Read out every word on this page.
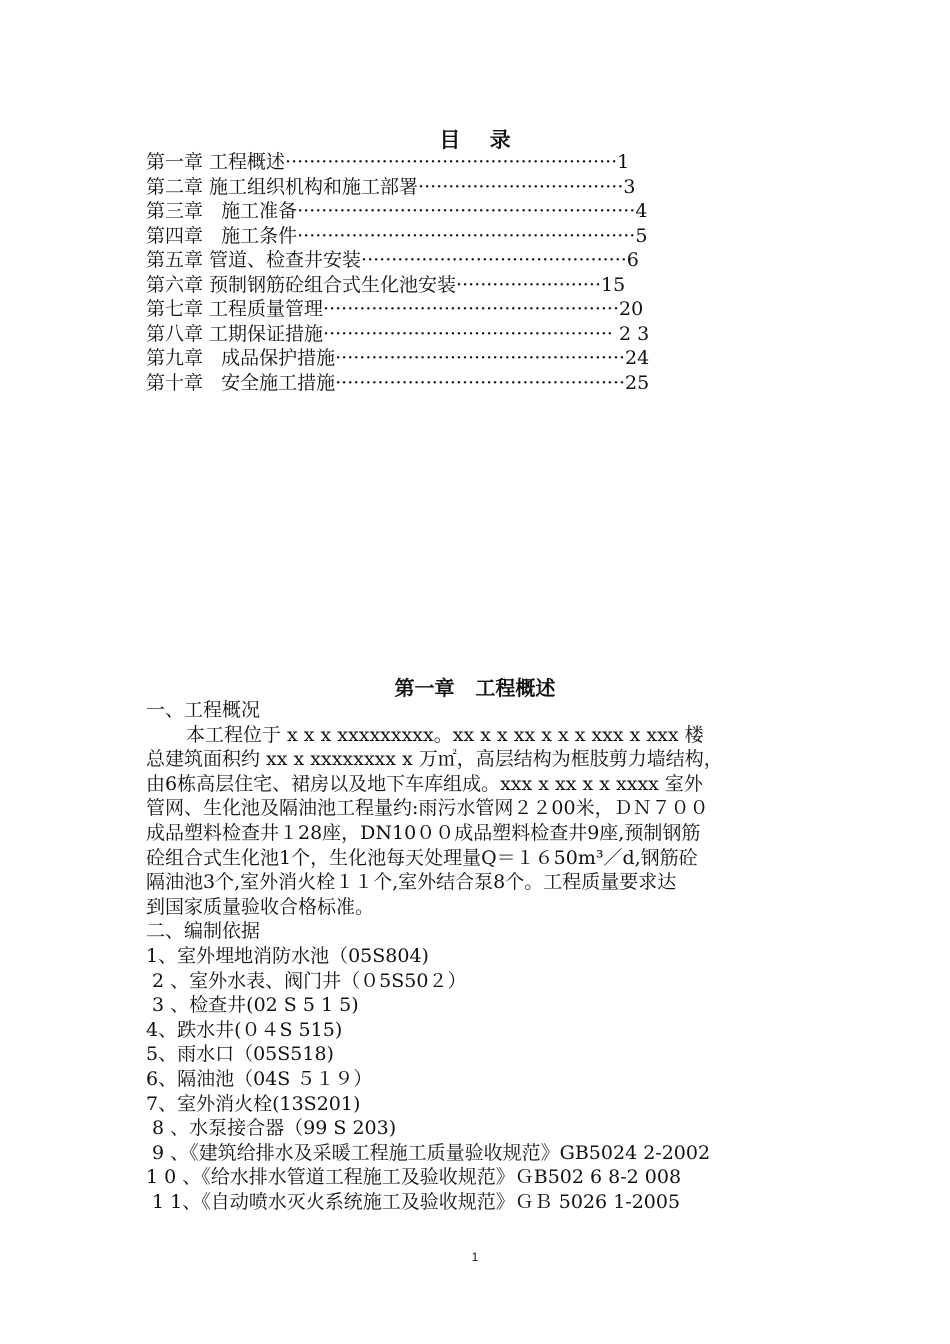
目    录
第一章 工程概述·······················································1
第二章 施工组织机构和施工部署··································3
第三章   施工准备························································4
第四章   施工条件························································5
第五章 管道、检查井安装············································6
第六章 预制钢筋砼组合式生化池安装························15
第七章 工程质量管理·················································20
第八章 工期保证措施················································ 2 3
第九章   成品保护措施················································24
第十章   安全施工措施················································25
第一章   工程概述
一、工程概况
本工程位于 x x x xxxxxxxxx。xx x x xx x x x xxx x xxx 楼
总建筑面积约 xx x xxxxxxxx x 万㎡，高层结构为框肢剪力墙结构，
由6栋高层住宅、裙房以及地下车库组成。xxx x xx x x xxxx 室外
管网、生化池及隔油池工程量约:雨污水管网２２00米，ＤＮ７００
成品塑料检查井１28座，DN10００成品塑料检查井9座,预制钢筋
砼组合式生化池1个，生化池每天处理量Q＝１６50m³／d,钢筋砼
隔油池3个,室外消火栓１１个,室外结合泵8个。工程质量要求达
到国家质量验收合格标准。
二、编制依据
1、室外埋地消防水池（05S804)
2 、室外水表、阀门井（０5S50２）
3 、检查井(02 S 5 1 5)
4、跌水井(０４S 515)
5、雨水口（05S518)
6、隔油池（04S ５１９）
7、室外消火栓(13S201)
8 、水泵接合器（99 S 203)
9 、《建筑给排水及采暖工程施工质量验收规范》GB5024 2-2002
1 0 、《给水排水管道工程施工及验收规范》ＧB502 6 8-2 008
1 1、《自动喷水灭火系统施工及验收规范》ＧＢ 5026 1-2005
1
